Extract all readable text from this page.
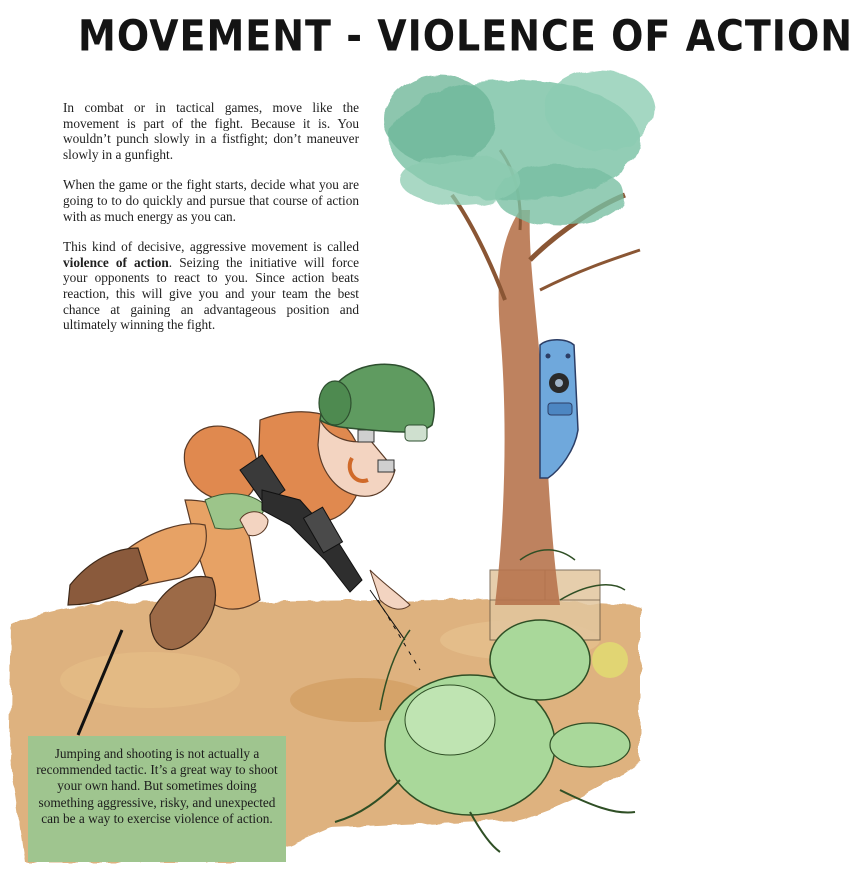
MOVEMENT - VIOLENCE OF ACTION

In combat or in tactical games, move like the movement is part of the fight. Because it is. You wouldn’t punch slowly in a fistfight; don’t maneuver slowly in a gunfight.

When the game or the fight starts, decide what you are going to to do quickly and pursue that course of action with as much energy as you can.

This kind of decisive, aggressive movement is called violence of action. Seizing the initiative will force your opponents to react to you. Since action beats reaction, this will give you and your team the best chance at gaining an advantageous position and ultimately winning the fight.

Jumping and shooting is not actually a recommended tactic. It’s a great way to shoot your own hand. But sometimes doing something aggressive, risky, and unexpected can be a way to exercise violence of action.
